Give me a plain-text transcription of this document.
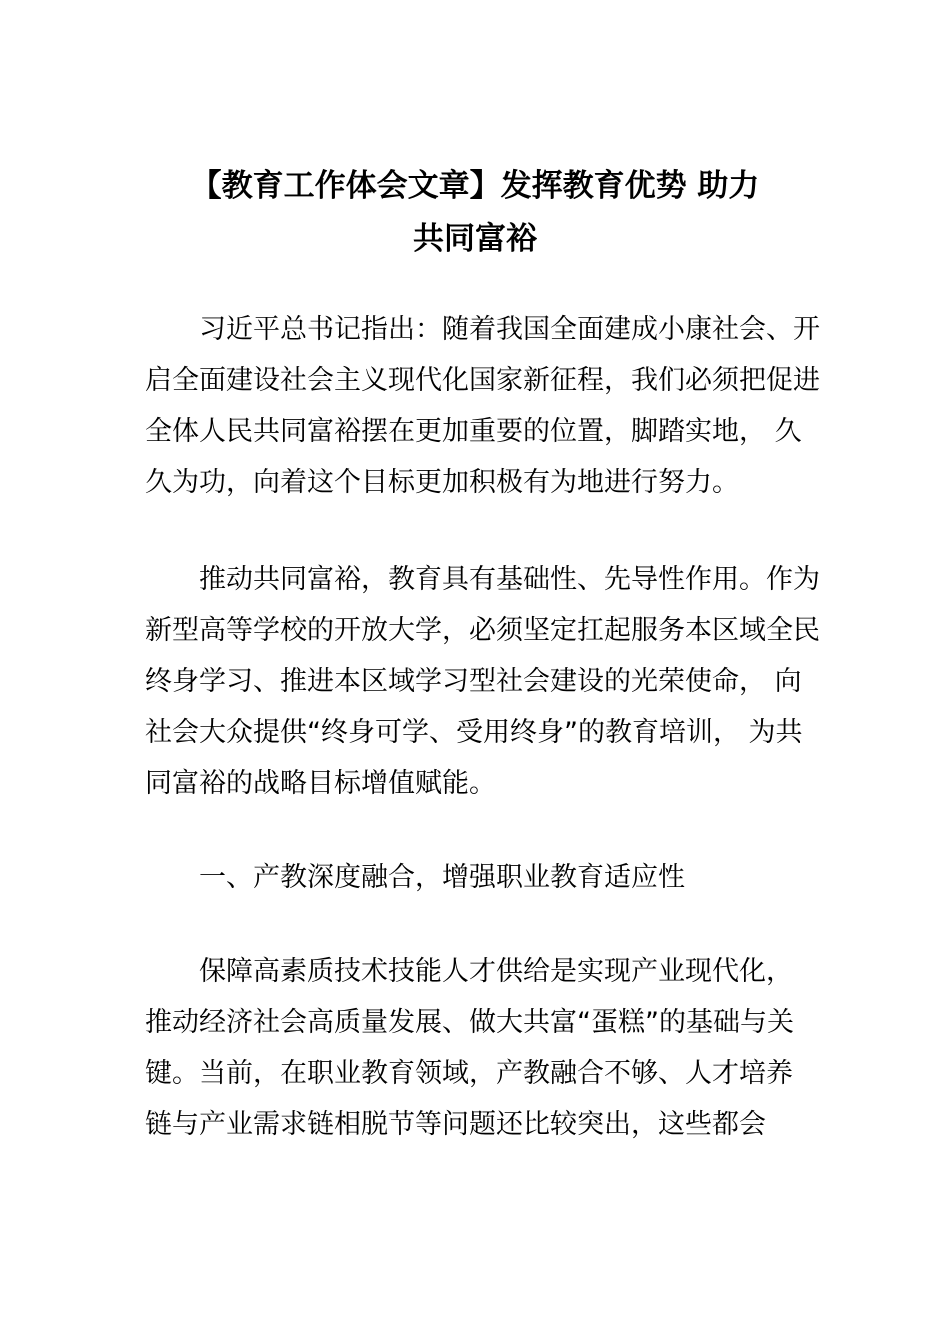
【教育工作体会文章】发挥教育优势 助力
共同富裕

习近平总书记指出：随着我国全面建成小康社会、开
启全面建设社会主义现代化国家新征程，我们必须把促进
全体人民共同富裕摆在更加重要的位置，脚踏实地， 久
久为功，向着这个目标更加积极有为地进行努力。

推动共同富裕，教育具有基础性、先导性作用。作为
新型高等学校的开放大学，必须坚定扛起服务本区域全民
终身学习、推进本区域学习型社会建设的光荣使命， 向
社会大众提供“终身可学、受用终身”的教育培训， 为共
同富裕的战略目标增值赋能。

一、产教深度融合，增强职业教育适应性

保障高素质技术技能人才供给是实现产业现代化，
推动经济社会高质量发展、做大共富“蛋糕”的基础与关
键。当前，在职业教育领域，产教融合不够、人才培养
链与产业需求链相脱节等问题还比较突出，这些都会
